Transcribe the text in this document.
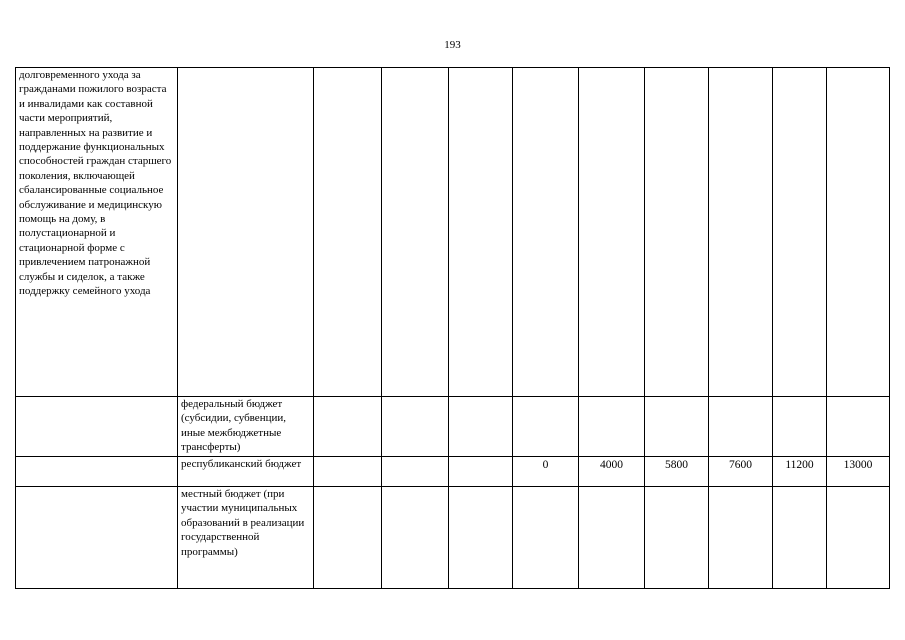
193
долговременного ухода за гражданами пожилого возраста и инвалидами как составной части мероприятий, направленных на развитие и поддержание функциональных способностей граждан старшего поколения, включающей сбалансированные социальное обслуживание и медицинскую помощь на дому, в полустационарной и стационарной форме с привлечением патронажной службы и сиделок, а также поддержку семейного ухода										
	федеральный бюджет (субсидии, субвенции, иные межбюджетные трансферты)									
	республиканский бюджет				0	4000	5800	7600	11200	13000
	местный бюджет (при участии муниципальных образований в реализации государственной программы)									
